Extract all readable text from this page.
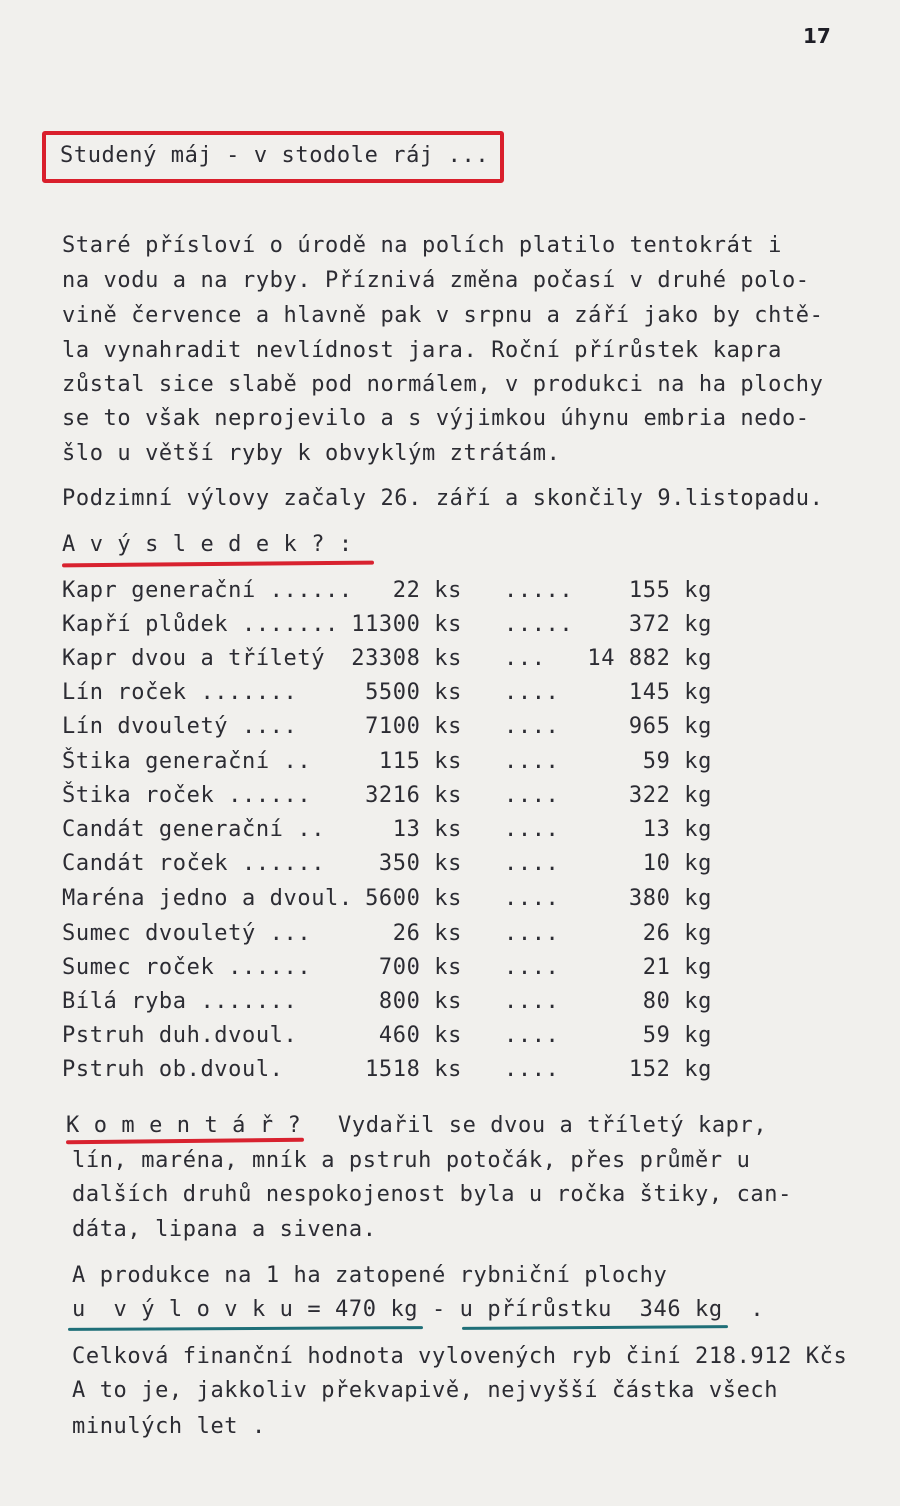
17
Studený máj - v stodole ráj ...
Staré přísloví o úrodě na polích platilo tentokrát i
na vodu a na ryby. Příznivá změna počasí v druhé polo-
vině července a hlavně pak v srpnu a září jako by chtě-
la vynahradit nevlídnost jara. Roční přírůstek kapra
zůstal sice slabě pod normálem, v produkci na ha plochy
se to však neprojevilo a s výjimkou úhynu embria nedo-
šlo u větší ryby k obvyklým ztrátám.
Podzimní výlovy začaly 26. září a skončily 9.listopadu.
A v ý s l e d e k ? :
Kapr generační ......	22 ks .....	155 kg
Kapří plůdek ....... 11300 ks .....	372 kg
Kapr dvou a tříletý	23308 ks ...	14 882 kg
Lín roček .......	5500 ks ....	145 kg
Lín dvouletý ....	7100 ks ....	965 kg
Štika generační ..	115 ks ....	59 kg
Štika roček ......	3216 ks ....	322 kg
Candát generační ..	13 ks ....	13 kg
Candát roček ......	350 ks ....	10 kg
Maréna jedno a dvoul. 5600 ks ....	380 kg
Sumec dvouletý ...	26 ks ....	26 kg
Sumec roček ......	700 ks ....	21 kg
Bílá ryba .......	800 ks ....	80 kg
Pstruh duh.dvoul.	460 ks ....	59 kg
Pstruh ob.dvoul.	1518 ks ....	152 kg
K o m e n t á ř ? Vydařil se dvou a tříletý kapr,
lín, maréna, mník a pstruh potočák, přes průměr u
dalších druhů nespokojenost byla u ročka štiky, can-
dáta, lipana a sivena.
A produkce na 1 ha zatopené rybniční plochy
u  v ý l o v k u = 470 kg - u přírůstku  346 kg  .
Celková finanční hodnota vylovených ryb činí 218.912 Kčs
A to je, jakkoliv překvapivě, nejvyšší částka všech
minulých let .
